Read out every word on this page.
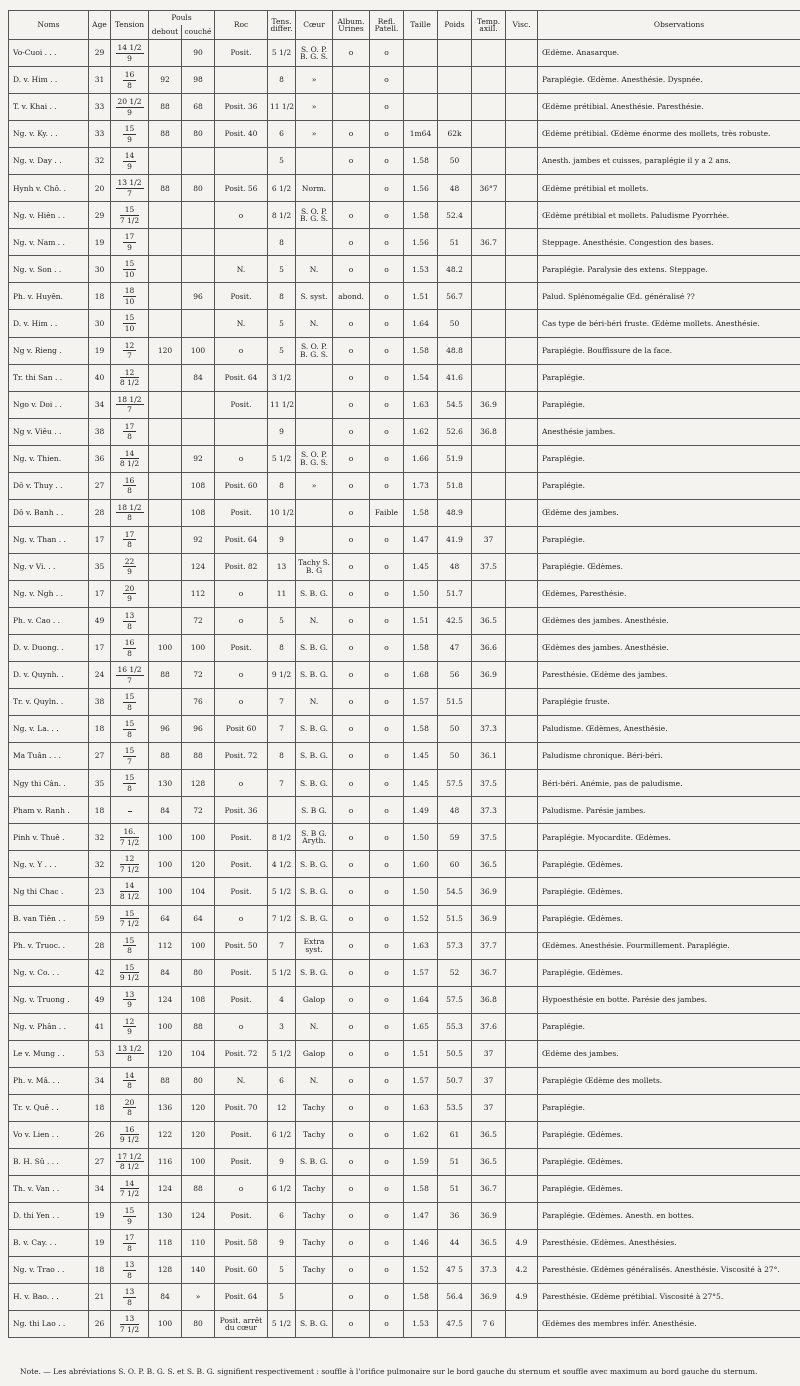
Noms	Age	Tension	Pouls		Roc	Tens. differ.	Cœur	Album. Urines	Refl. Patell.	Taille	Poids	Temp. axill.	Visc.	Observations
			debout	couché										
Vo-Cuoi . . .	29	$\frac{14 1/2}{9}$		90	Posit.	5 1/2	S. O. P. B. G. S.	o	o					Œdème. Anasarque.
D. v. Him . .	31	$\frac{16}{8}$	92	98		8	»		o					Paraplégie. Œdème. Anesthésie. Dyspnée.
T. v. Khai . .	33	$\frac{20 1/2}{9}$	88	68	Posit. 36	11 1/2	»		o					Œdème prétibial. Anesthésie. Paresthésie.
Ng. v. Ky. . .	33	$\frac{15}{9}$	88	80	Posit. 40	6	»	o	o	1m64	62k			Œdème prétibial. Œdème énorme des mollets, très robuste.
Ng. v. Day . .	32	$\frac{14}{9}$				5		o	o	1.58	50			Anesth. jambes et cuisses, paraplégie il y a 2 ans.
Hynh v. Chô. .	20	$\frac{13 1/2}{7}$	88	80	Posit. 56	6 1/2	Norm.		o	1.56	48	36°7		Œdème prétibial et mollets.
Ng. v. Hiên . .	29	$\frac{15}{7 1/2}$			o	8 1/2	S. O. P. B. G. S.	o	o	1.58	52.4			Œdème prétibial et mollets. Paludisme Pyorrhée.
Ng. v. Nam . .	19	$\frac{17}{9}$				8		o	o	1.56	51	36.7		Steppage. Anesthésie. Congestion des bases.
Ng. v. Son . .	30	$\frac{15}{10}$			N.	5	N.	o	o	1.53	48.2			Paraplégie. Paralysie des extens. Steppage.
Ph. v. Huyên.	18	$\frac{18}{10}$		96	Posit.	8	S. syst.	abond.	o	1.51	56.7			Palud. Splénomégalie Œd. généralisé ??
D. v. Him . .	30	$\frac{15}{10}$			N.	5	N.	o	o	1.64	50			Cas type de béri-béri fruste. Œdème mollets. Anesthésie.
Ng v. Rieng .	19	$\frac{12}{7}$	120	100	o	5	S. O. P. B. G. S.	o	o	1.58	48.8			Paraplégie. Bouffissure de la face.
Tr. thi San . .	40	$\frac{12}{8 1/2}$		84	Posit. 64	3 1/2		o	o	1.54	41.6			Paraplégie.
Ngo v. Doi . .	34	$\frac{18 1/2}{7}$			Posit.	11 1/2		o	o	1.63	54.5	36.9		Paraplégie.
Ng v. Viêu . .	38	$\frac{17}{8}$				9		o	o	1.62	52.6	36.8		Anesthésie jambes.
Ng. v. Thien.	36	$\frac{14}{8 1/2}$		92	o	5 1/2	S. O. P. B. G. S.	o	o	1.66	51.9			Paraplégie.
Dô v. Thuy . .	27	$\frac{16}{8}$		108	Posit. 60	8	»	o	o	1.73	51.8			Paraplégie.
Dô v. Banh . .	28	$\frac{18 1/2}{8}$		108	Posit.	10 1/2		o	Faible	1.58	48.9			Œdème des jambes.
Ng. v. Than . .	17	$\frac{17}{8}$		92	Posit. 64	9		o	o	1.47	41.9	37		Paraplégie.
Ng. v Vi. . .	35	$\frac{22}{9}$		124	Posit. 82	13	Tachy S. B. G	o	o	1.45	48	37.5		Paraplégie. Œdèmes.
Ng. v. Ngh . .	17	$\frac{20}{9}$		112	o	11	S. B. G.	o	o	1.50	51.7			Œdèmes, Paresthésie.
Ph. v. Cao . .	49	$\frac{13}{8}$		72	o	5	N.	o	o	1.51	42.5	36.5		Œdèmes des jambes. Anesthésie.
D. v. Duong. .	17	$\frac{16}{8}$	100	100	Posit.	8	S. B. G.	o	o	1.58	47	36.6		Œdèmes des jambes. Anesthésie.
D. v. Quynh. .	24	$\frac{16 1/2}{7}$	88	72	o	9 1/2	S. B. G.	o	o	1.68	56	36.9		Paresthésie. Œdème des jambes.
Tr. v. Quyln. .	38	$\frac{15}{8}$		76	o	7	N.	o	o	1.57	51.5			Paraplégie fruste.
Ng. v. La. . .	18	$\frac{15}{8}$	96	96	Posit 60	7	S. B. G.	o	o	1.58	50	37.3		Paludisme. Œdèmes, Anesthésie.
Ma Tuân . . .	27	$\frac{15}{7}$	88	88	Posit. 72	8	S. B. G.	o	o	1.45	50	36.1		Paludisme chronique. Béri-béri.
Ngy thi Cân. .	35	$\frac{15}{8}$	130	128	o	7	S. B. G.	o	o	1.45	57.5	37.5		Béri-béri. Anémie, pas de paludisme.
Pham v. Ranh .	18		84	72	Posit. 36		S. B G.	o	o	1.49	48	37.3		Paludisme. Parésie jambes.
Pinh v. Thuê .	32	$\frac{16.}{7 1/2}$	100	100	Posit.	8 1/2	S. B G. Aryth.	o	o	1.50	59	37.5		Paraplégie. Myocardite. Œdèmes.
Ng. v. Y . . .	32	$\frac{12}{7 1/2}$	100	120	Posit.	4 1/2	S. B. G.	o	o	1.60	60	36.5		Paraplégie. Œdèmes.
Ng thi Chac .	23	$\frac{14}{8 1/2}$	100	104	Posit.	5 1/2	S. B. G.	o	o	1.50	54.5	36.9		Paraplégie. Œdèmes.
B. van Tiên . .	59	$\frac{15}{7 1/2}$	64	64	o	7 1/2	S. B. G.	o	o	1.52	51.5	36.9		Paraplégie. Œdèmes.
Ph. v. Truoc. .	28	$\frac{15}{8}$	112	100	Posit. 50	7	Extra syst.	o	o	1.63	57.3	37.7		Œdèmes. Anesthésie. Fourmillement. Paraplégie.
Ng. v. Co. . .	42	$\frac{15}{9 1/2}$	84	80	Posit.	5 1/2	S. B. G.	o	o	1.57	52	36.7		Paraplégie. Œdèmes.
Ng. v. Truong .	49	$\frac{13}{9}$	124	108	Posit.	4	Galop	o	o	1.64	57.5	36.8		Hypoesthésie en botte. Parésie des jambes.
Ng. v. Phân . .	41	$\frac{12}{9}$	100	88	o	3	N.	o	o	1.65	55.3	37.6		Paraplégie.
Le v. Mung . .	53	$\frac{13 1/2}{8}$	120	104	Posit. 72	5 1/2	Galop	o	o	1.51	50.5	37		Œdème des jambes.
Ph. v. Mâ. . .	34	$\frac{14}{8}$	88	80	N.	6	N.	o	o	1.57	50.7	37		Paraplégie Œdème des mollets.
Tr. v. Quê . .	18	$\frac{20}{8}$	136	120	Posit. 70	12	Tachy	o	o	1.63	53.5	37		Paraplégie.
Vo v. Lien . .	26	$\frac{16}{9 1/2}$	122	120	Posit.	6 1/2	Tachy	o	o	1.62	61	36.5		Paraplégie. Œdèmes.
B. H. Sû . . .	27	$\frac{17 1/2}{8 1/2}$	116	100	Posit.	9	S. B. G.	o	o	1.59	51	36.5		Paraplégie. Œdèmes.
Th. v. Van . .	34	$\frac{14}{7 1/2}$	124	88	o	6 1/2	Tachy	o	o	1.58	51	36.7		Paraplégie. Œdèmes.
D. thi Yen . .	19	$\frac{15}{9}$	130	124	Posit.	6	Tachy	o	o	1.47	36	36.9		Paraplégie. Œdèmes. Anesth. en bottes.
B. v. Cay. . .	19	$\frac{17}{8}$	118	110	Posit. 58	9	Tachy	o	o	1.46	44	36.5	4.9	Paresthésie. Œdèmes. Anesthésies.
Ng. v. Trao . .	18	$\frac{13}{8}$	128	140	Posit. 60	5	Tachy	o	o	1.52	47 5	37.3	4.2	Paresthésie. Œdèmes généralisés. Anesthésie. Viscosité à 27°.
H. v. Bao. . .	21	$\frac{13}{8}$	84	»	Posit. 64	5		o	o	1.58	56.4	36.9	4.9	Paresthésie. Œdème prétibial. Viscosité à 27°5.
Ng. thi Lao . .	26	$\frac{13}{7 1/2}$	100	80	Posit. arrêt du cœur	5 1/2	S. B. G.	o	o	1.53	47.5	7 6		Œdèmes des membres infér. Anesthésie.
Note. — Les abréviations S. O. P. B. G. S. et S. B. G. signifient respectivement : souffle à l'orifice pulmonaire sur le bord gauche du sternum et souffle avec maximum au bord gauche du sternum.
